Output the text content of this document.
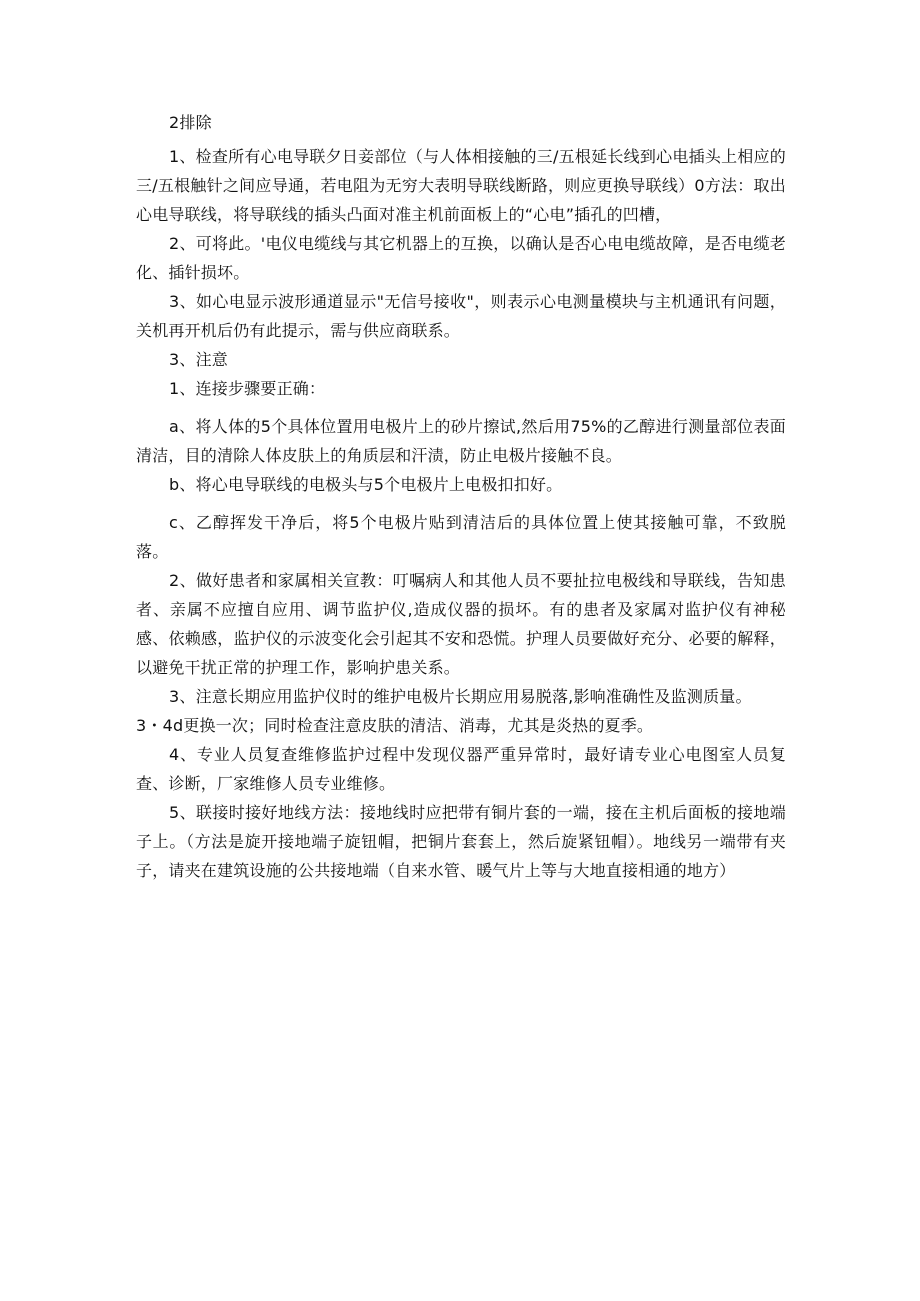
2排除

1、检查所有心电导联夕日妾部位（与人体相接触的三/五根延长线到心电插头上相应的三/五根触针之间应导通，若电阻为无穷大表明导联线断路，则应更换导联线）0方法：取出心电导联线，将导联线的插头凸面对准主机前面板上的“心电”插孔的凹槽，

2、可将此。'电仪电缆线与其它机器上的互换，以确认是否心电电缆故障，是否电缆老化、插针损坏。

3、如心电显示波形通道显示"无信号接收"，则表示心电测量模块与主机通讯有问题，关机再开机后仍有此提示，需与供应商联系。

3、注意

1、连接步骤要正确：

a、将人体的5个具体位置用电极片上的砂片擦试,然后用75%的乙醇进行测量部位表面清洁，目的清除人体皮肤上的角质层和汗渍，防止电极片接触不良。

b、将心电导联线的电极头与5个电极片上电极扣扣好。

c、乙醇挥发干净后，将5个电极片贴到清洁后的具体位置上使其接触可靠，不致脱落。

2、做好患者和家属相关宣教：叮嘱病人和其他人员不要扯拉电极线和导联线，告知患者、亲属不应擅自应用、调节监护仪,造成仪器的损坏。有的患者及家属对监护仪有神秘感、依赖感，监护仪的示波变化会引起其不安和恐慌。护理人员要做好充分、必要的解释，以避免干扰正常的护理工作，影响护患关系。

3、注意长期应用监护仪时的维护电极片长期应用易脱落,影响准确性及监测质量。

3・4d更换一次；同时检查注意皮肤的清洁、消毒，尤其是炎热的夏季。

4、专业人员复查维修监护过程中发现仪器严重异常时，最好请专业心电图室人员复查、诊断，厂家维修人员专业维修。

5、联接时接好地线方法：接地线时应把带有铜片套的一端，接在主机后面板的接地端子上。（方法是旋开接地端子旋钮帽，把铜片套套上，然后旋紧钮帽）。地线另一端带有夹子，请夹在建筑设施的公共接地端（自来水管、暖气片上等与大地直接相通的地方）
